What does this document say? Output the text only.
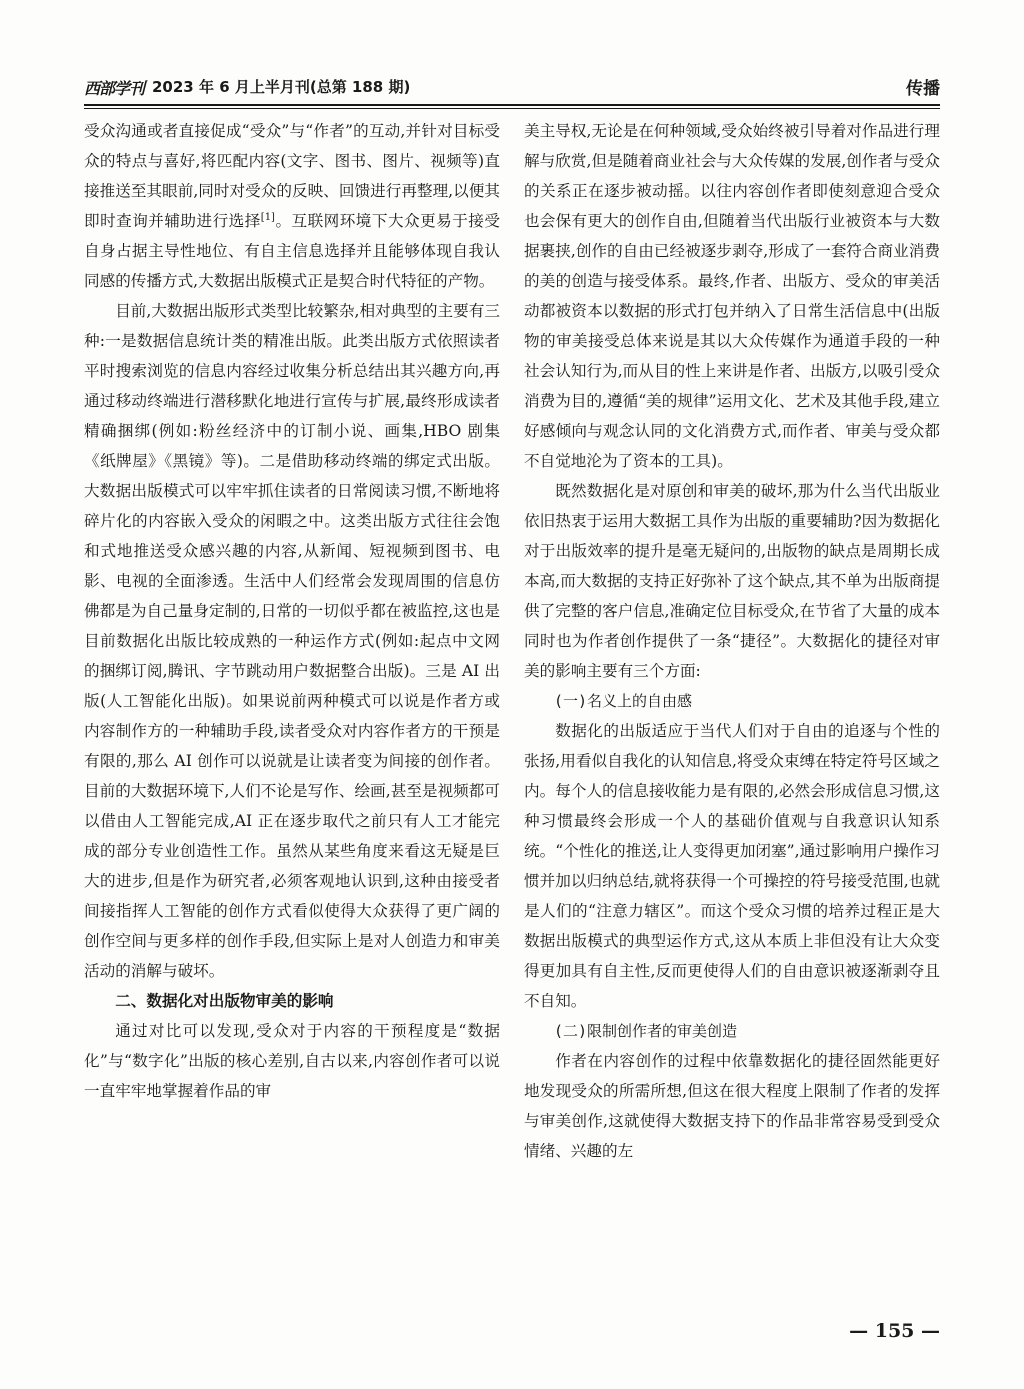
西部学刊 2023 年 6 月上半月刊(总第 188 期)	传播

受众沟通或者直接促成“受众”与“作者”的互动,并针对目标受众的特点与喜好,将匹配内容(文字、图书、图片、视频等)直接推送至其眼前,同时对受众的反映、回馈进行再整理,以便其即时查询并辅助进行选择[1]。互联网环境下大众更易于接受自身占据主导性地位、有自主信息选择并且能够体现自我认同感的传播方式,大数据出版模式正是契合时代特征的产物。

目前,大数据出版形式类型比较繁杂,相对典型的主要有三种:一是数据信息统计类的精准出版。此类出版方式依照读者平时搜索浏览的信息内容经过收集分析总结出其兴趣方向,再通过移动终端进行潜移默化地进行宣传与扩展,最终形成读者精确捆绑(例如:粉丝经济中的订制小说、画集,HBO 剧集《纸牌屋》《黑镜》等)。二是借助移动终端的绑定式出版。大数据出版模式可以牢牢抓住读者的日常阅读习惯,不断地将碎片化的内容嵌入受众的闲暇之中。这类出版方式往往会饱和式地推送受众感兴趣的内容,从新闻、短视频到图书、电影、电视的全面渗透。生活中人们经常会发现周围的信息仿佛都是为自己量身定制的,日常的一切似乎都在被监控,这也是目前数据化出版比较成熟的一种运作方式(例如:起点中文网的捆绑订阅,腾讯、字节跳动用户数据整合出版)。三是 AI 出版(人工智能化出版)。如果说前两种模式可以说是作者方或内容制作方的一种辅助手段,读者受众对内容作者方的干预是有限的,那么 AI 创作可以说就是让读者变为间接的创作者。目前的大数据环境下,人们不论是写作、绘画,甚至是视频都可以借由人工智能完成,AI 正在逐步取代之前只有人工才能完成的部分专业创造性工作。虽然从某些角度来看这无疑是巨大的进步,但是作为研究者,必须客观地认识到,这种由接受者间接指挥人工智能的创作方式看似使得大众获得了更广阔的创作空间与更多样的创作手段,但实际上是对人创造力和审美活动的消解与破坏。

二、数据化对出版物审美的影响

通过对比可以发现,受众对于内容的干预程度是“数据化”与“数字化”出版的核心差别,自古以来,内容创作者可以说一直牢牢地掌握着作品的审

美主导权,无论是在何种领域,受众始终被引导着对作品进行理解与欣赏,但是随着商业社会与大众传媒的发展,创作者与受众的关系正在逐步被动摇。以往内容创作者即使刻意迎合受众也会保有更大的创作自由,但随着当代出版行业被资本与大数据裹挟,创作的自由已经被逐步剥夺,形成了一套符合商业消费的美的创造与接受体系。最终,作者、出版方、受众的审美活动都被资本以数据的形式打包并纳入了日常生活信息中(出版物的审美接受总体来说是其以大众传媒作为通道手段的一种社会认知行为,而从目的性上来讲是作者、出版方,以吸引受众消费为目的,遵循“美的规律”运用文化、艺术及其他手段,建立好感倾向与观念认同的文化消费方式,而作者、审美与受众都不自觉地沦为了资本的工具)。

既然数据化是对原创和审美的破坏,那为什么当代出版业依旧热衷于运用大数据工具作为出版的重要辅助?因为数据化对于出版效率的提升是毫无疑问的,出版物的缺点是周期长成本高,而大数据的支持正好弥补了这个缺点,其不单为出版商提供了完整的客户信息,准确定位目标受众,在节省了大量的成本同时也为作者创作提供了一条“捷径”。大数据化的捷径对审美的影响主要有三个方面:

(一)名义上的自由感

数据化的出版适应于当代人们对于自由的追逐与个性的张扬,用看似自我化的认知信息,将受众束缚在特定符号区域之内。每个人的信息接收能力是有限的,必然会形成信息习惯,这种习惯最终会形成一个人的基础价值观与自我意识认知系统。“个性化的推送,让人变得更加闭塞”,通过影响用户操作习惯并加以归纳总结,就将获得一个可操控的符号接受范围,也就是人们的“注意力辖区”。而这个受众习惯的培养过程正是大数据出版模式的典型运作方式,这从本质上非但没有让大众变得更加具有自主性,反而更使得人们的自由意识被逐渐剥夺且不自知。

(二)限制创作者的审美创造

作者在内容创作的过程中依靠数据化的捷径固然能更好地发现受众的所需所想,但这在很大程度上限制了作者的发挥与审美创作,这就使得大数据支持下的作品非常容易受到受众情绪、兴趣的左

— 155 —
